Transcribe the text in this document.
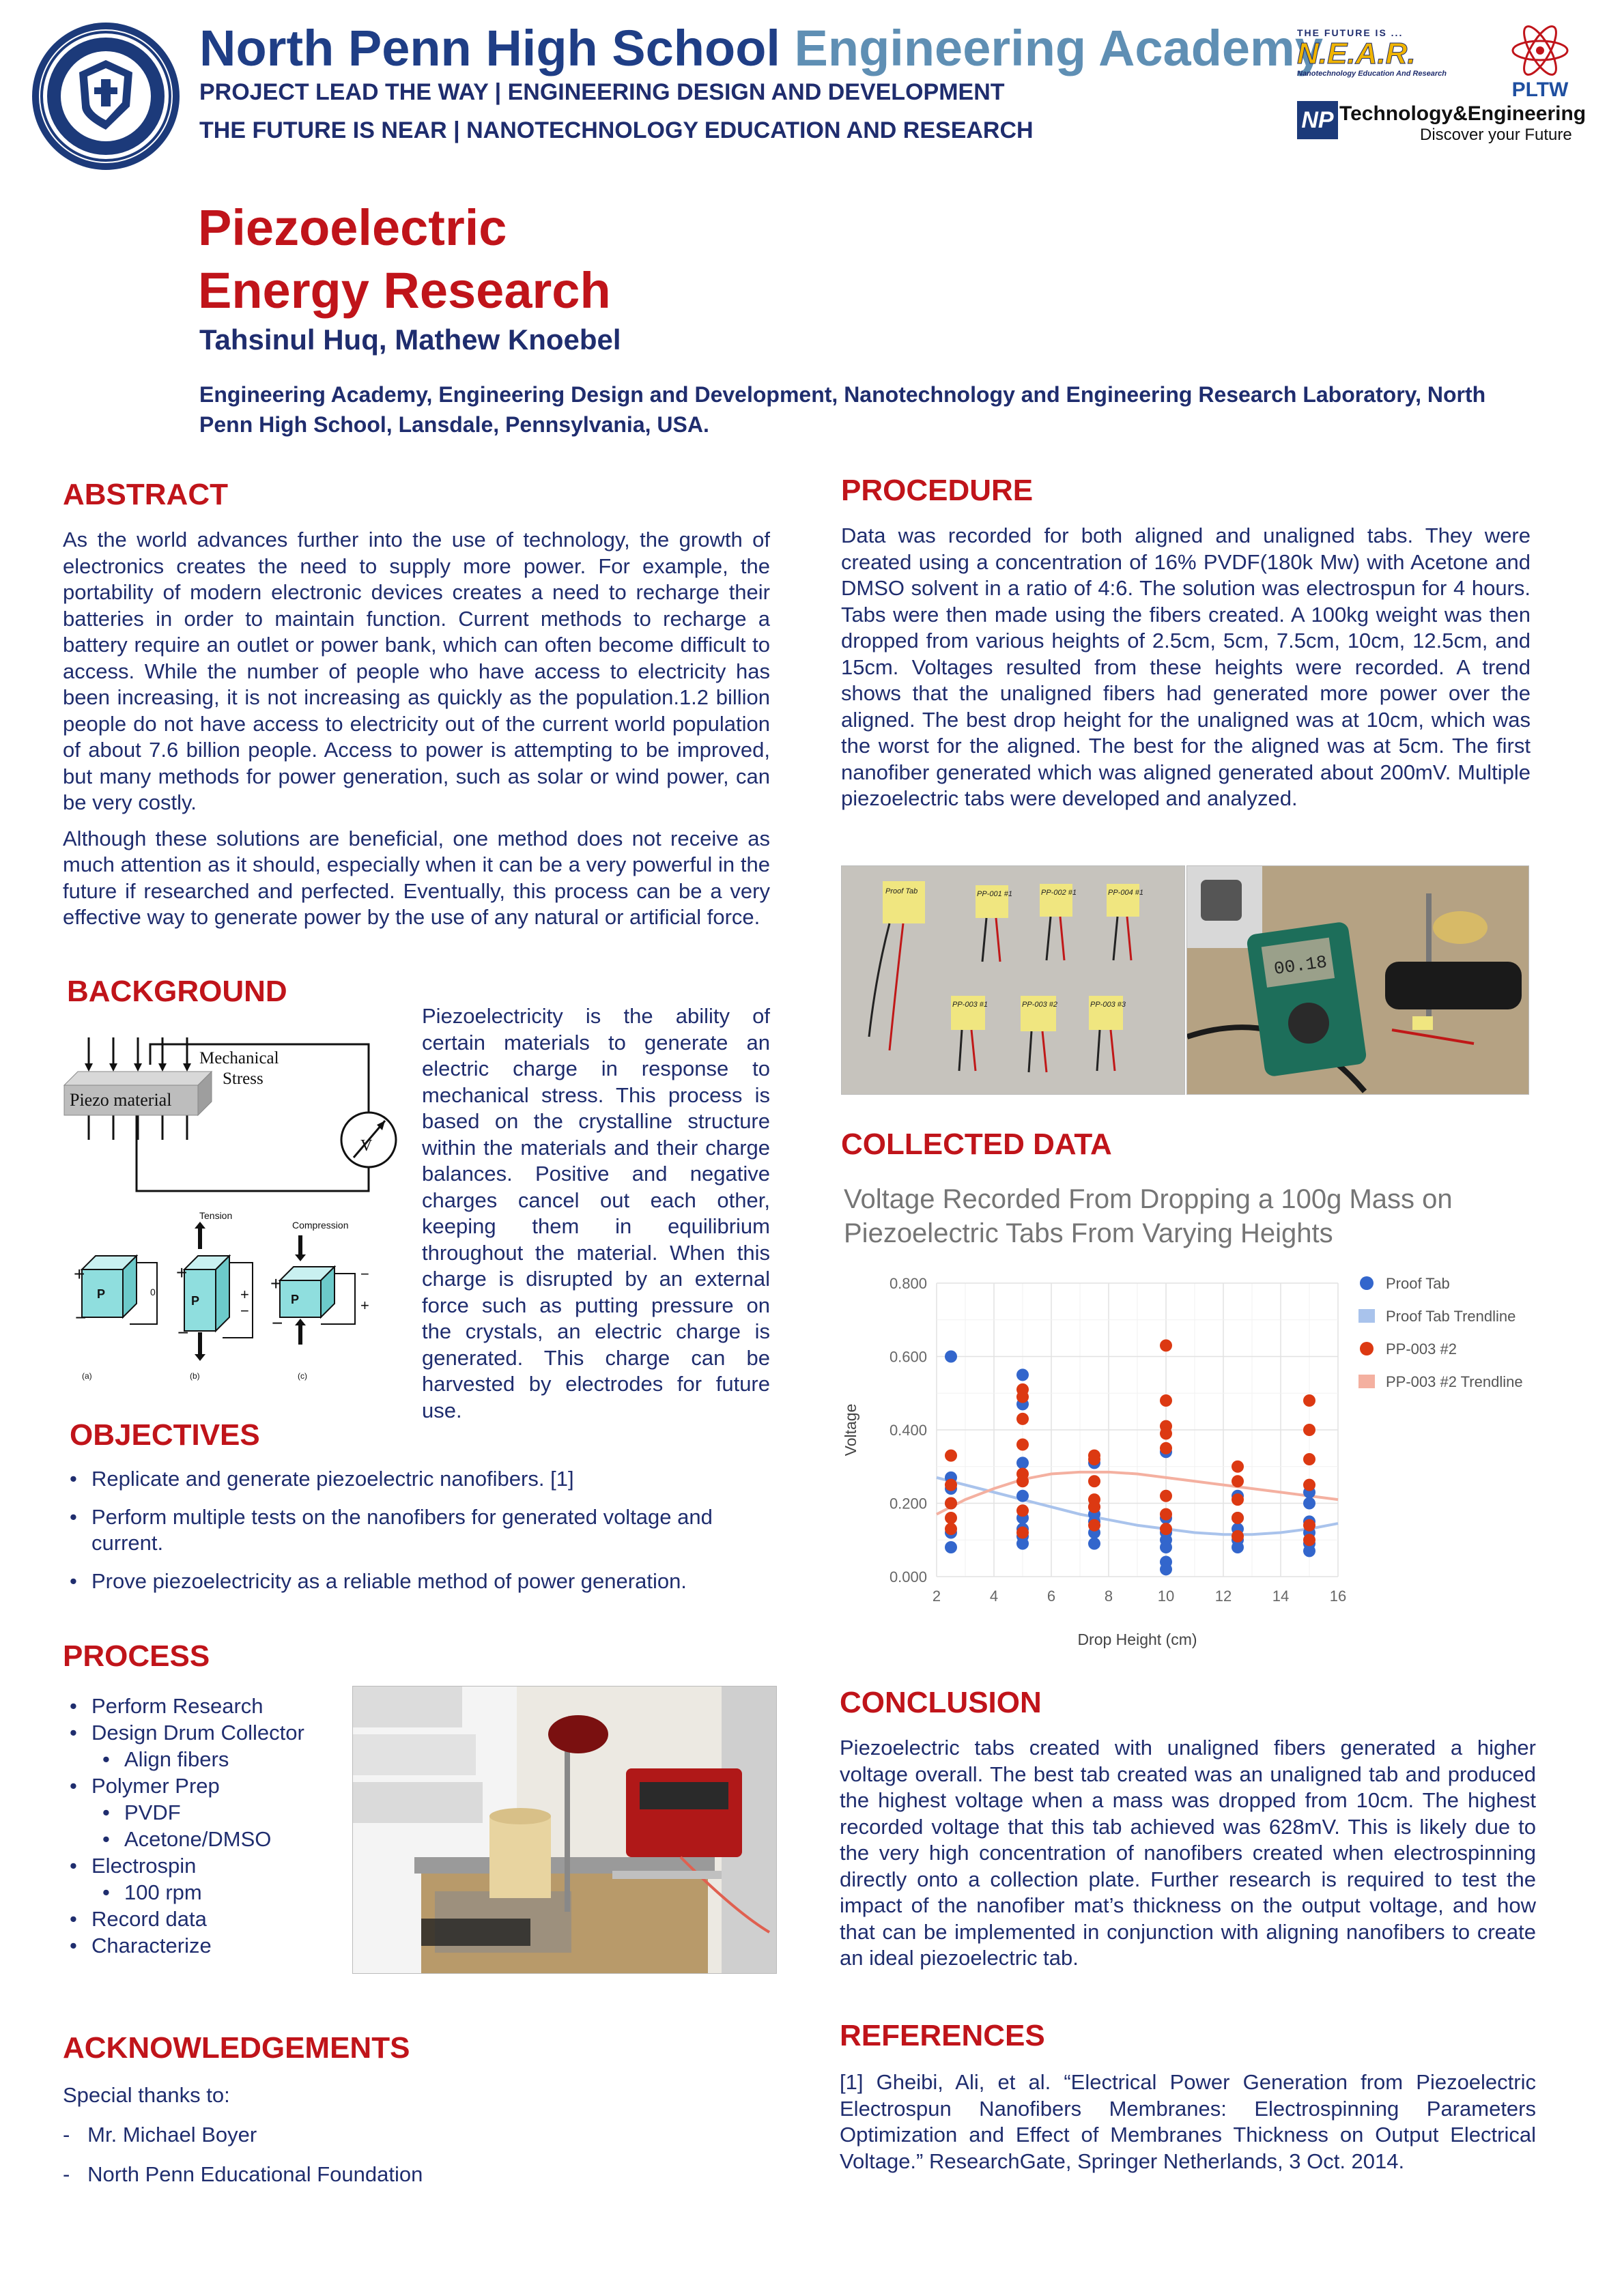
North Penn High School Engineering Academy
PROJECT LEAD THE WAY | ENGINEERING DESIGN AND DEVELOPMENT
THE FUTURE IS NEAR | NANOTECHNOLOGY EDUCATION AND RESEARCH
THE FUTURE IS ...
N.E.A.R.
Nanotechnology Education And Research
PLTW
NP Technology&Engineering
Discover your Future
Piezoelectric
Energy Research
Tahsinul Huq, Mathew Knoebel
Engineering Academy, Engineering Design and Development, Nanotechnology and Engineering Research Laboratory, North Penn High School, Lansdale, Pennsylvania, USA.
ABSTRACT

As the world advances further into the use of technology, the growth of electronics creates the need to supply more power. For example, the portability of modern electronic devices creates a need to recharge their batteries in order to maintain function. Current methods to recharge a battery require an outlet or power bank, which can often become difficult to access. While the number of people who have access to electricity has been increasing, it is not increasing as quickly as the population.1.2 billion people do not have access to electricity out of the current world population of about 7.6 billion people. Access to power is attempting to be improved, but many methods for power generation, such as solar or wind power, can be very costly.

Although these solutions are beneficial, one method does not receive as much attention as it should, especially when it can be a very powerful in the future if researched and perfected. Eventually, this process can be a very effective way to generate power by the use of any natural or artificial force.

BACKGROUND
Piezo material
Mechanical
Stress
V
Tension
Compression
P
+
−
0
(a)
P
+
−
+
−
(b)
P
+
−
−
+
(c)
Piezoelectricity is the ability of certain materials to generate an electric charge in response to mechanical stress. This process is based on the crystalline structure within the materials and their charge balances. Positive and negative charges cancel out each other, keeping them in equilibrium throughout the material. When this charge is disrupted by an external force such as putting pressure on the crystals, an electric charge is generated. This charge can be harvested by electrodes for future use.
OBJECTIVES
• Replicate and generate piezoelectric nanofibers. [1]
• Perform multiple tests on the nanofibers for generated voltage and current.
• Prove piezoelectricity as a reliable method of power generation.
PROCESS
• Perform Research
• Design Drum Collector
• Align fibers
• Polymer Prep
• PVDF
• Acetone/DMSO
• Electrospin
• 100 rpm
• Record data
• Characterize
ACKNOWLEDGEMENTS
Special thanks to:
-   Mr. Michael Boyer
-   North Penn Educational Foundation
PROCEDURE
Data was recorded for both aligned and unaligned tabs. They were created using a concentration of 16% PVDF(180k Mw) with Acetone and DMSO solvent in a ratio of 4:6. The solution was electrospun for 4 hours. Tabs were then made using the fibers created. A 100kg weight was then dropped from various heights of 2.5cm, 5cm, 7.5cm, 10cm, 12.5cm, and 15cm. Voltages resulted from these heights were recorded. A trend shows that the unaligned fibers had generated more power over the aligned. The best drop height for the unaligned was at 10cm, which was the worst for the aligned. The best for the aligned was at 5cm. The first nanofiber generated which was aligned generated about 200mV. Multiple piezoelectric tabs were developed and analyzed.
Proof Tab	PP-001 #1	PP-002 #1	PP-004 #1
PP-003 #1	PP-003 #2	PP-003 #3
00.18
COLLECTED DATA
Voltage Recorded From Dropping a 100g Mass on Piezoelectric Tabs From Varying Heights
0.000
0.200
0.400
0.600
0.800
2	4	6	8	10	12	14	16
Drop Height (cm)
Voltage
Proof Tab
Proof Tab Trendline
PP-003 #2
PP-003 #2 Trendline
CONCLUSION
Piezoelectric tabs created with unaligned fibers generated a higher voltage overall. The best tab created was an unaligned tab and produced the highest voltage when a mass was dropped from 10cm. The highest recorded voltage that this tab achieved was 628mV. This is likely due to the very high concentration of nanofibers created when electrospinning directly onto a collection plate. Further research is required to test the impact of the nanofiber mat’s thickness on the output voltage, and how that can be implemented in conjunction with aligning nanofibers to create an ideal piezoelectric tab.
REFERENCES
[1] Gheibi, Ali, et al. “Electrical Power Generation from Piezoelectric Electrospun Nanofibers Membranes: Electrospinning Parameters Optimization and Effect of Membranes Thickness on Output Electrical Voltage.” ResearchGate, Springer Netherlands, 3 Oct. 2014.
